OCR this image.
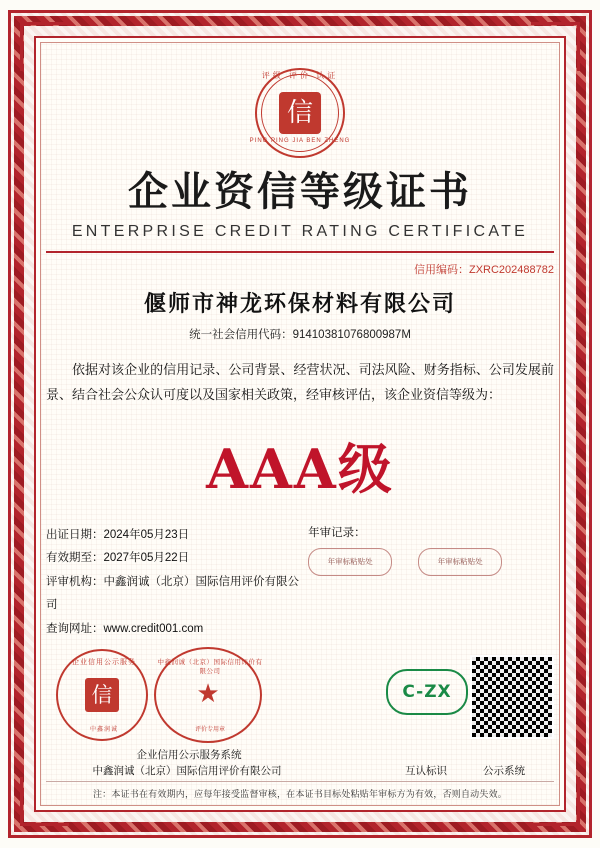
评级 评价 认证
信
PING PING JIA BEN ZHENG
企业资信等级证书
ENTERPRISE CREDIT RATING CERTIFICATE
信用编码：ZXRC202488782
偃师市神龙环保材料有限公司
统一社会信用代码：91410381076800987M
依据对该企业的信用记录、公司背景、经营状况、司法风险、财务指标、公司发展前景、结合社会公众认可度以及国家相关政策，经审核评估，该企业资信等级为：
AAA级
出证日期：2024年05月23日
有效期至：2027年05月22日
评审机构：中鑫润诚（北京）国际信用评价有限公司
查询网址：www.credit001.com
年审记录：
年审标粘贴处	年审标粘贴处
企业信用公示服务
信
中鑫润诚
中鑫润诚（北京）国际信用评价有限公司
★
评价专用章
C-ZX
企业信用公示服务系统
中鑫润诚（北京）国际信用评价有限公司	互认标识	公示系统
注：本证书在有效期内，应每年接受监督审核，在本证书目标处粘贴年审标方为有效，否则自动失效。
